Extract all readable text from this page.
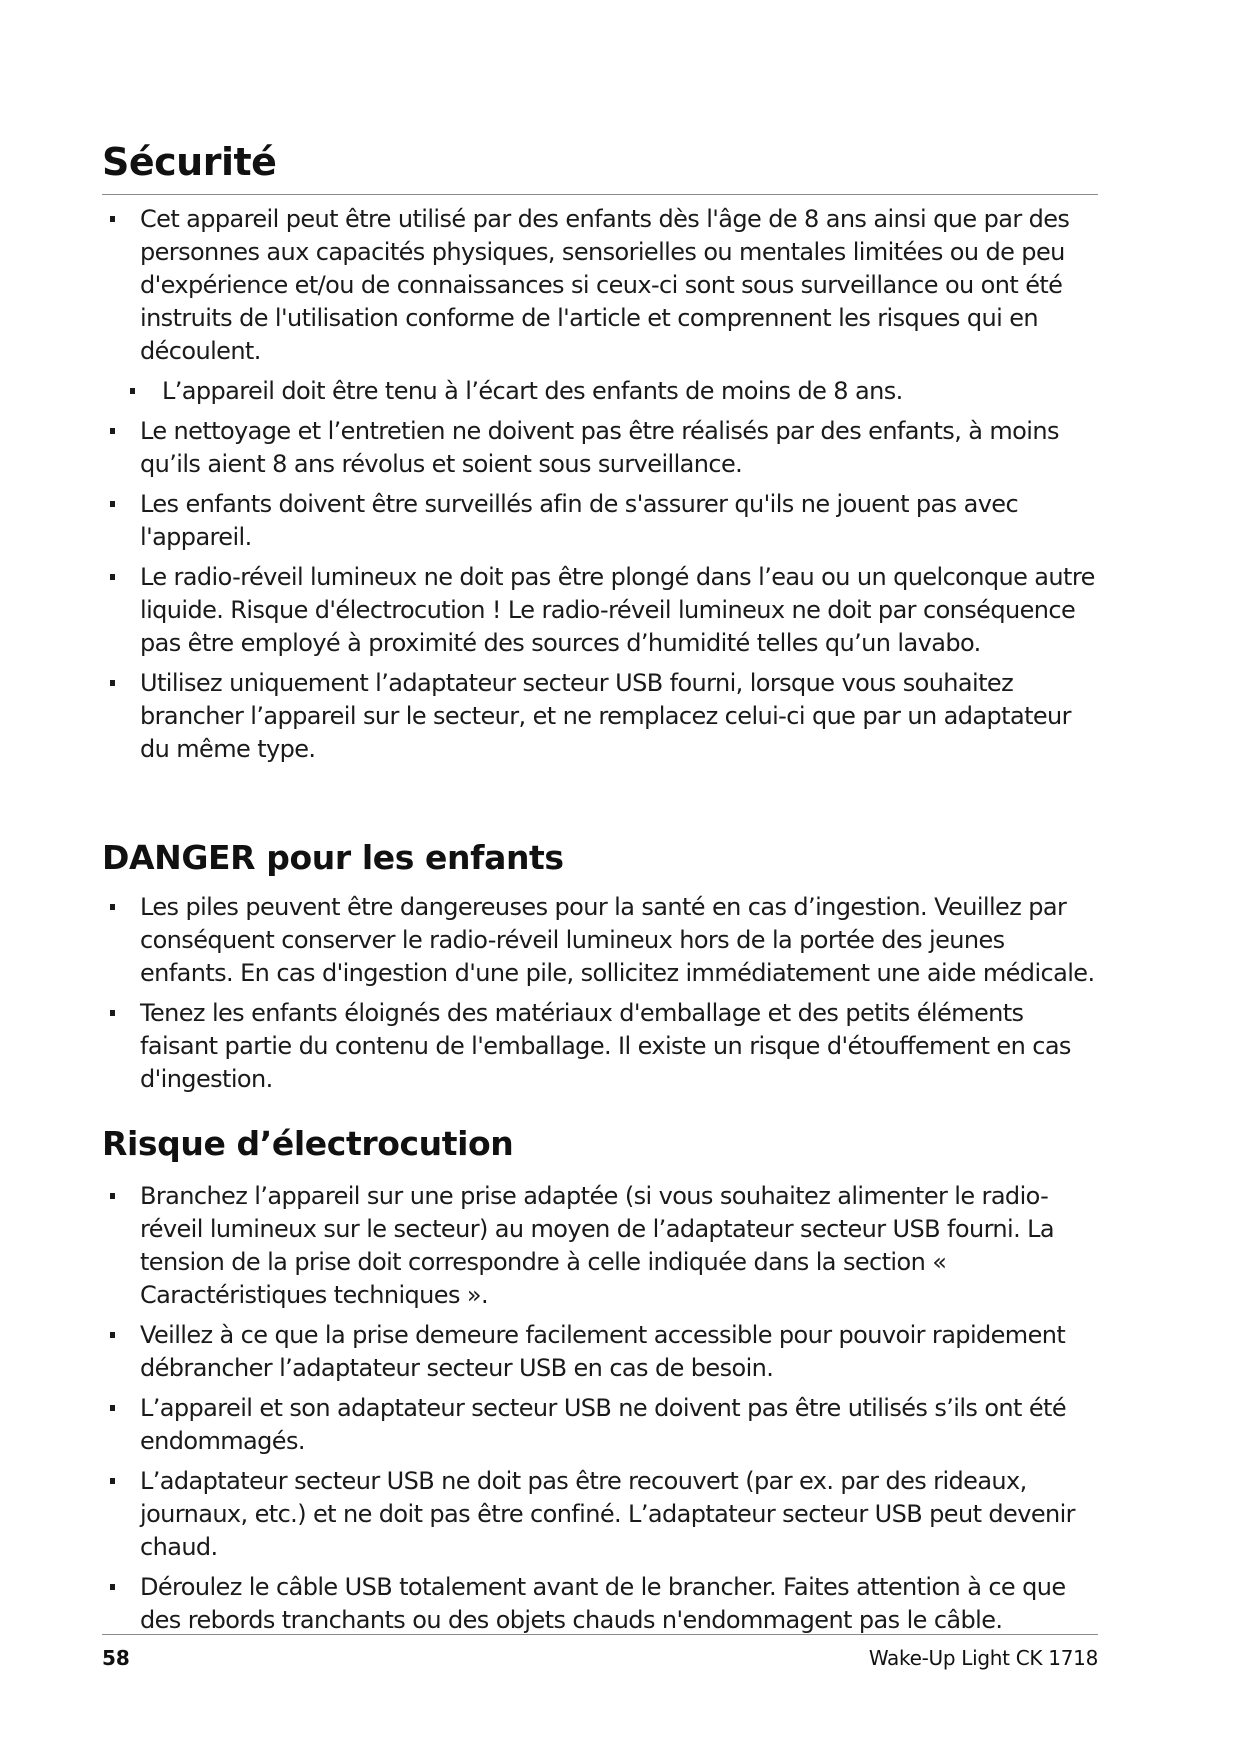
Sécurité
Cet appareil peut être utilisé par des enfants dès l'âge de 8 ans ainsi que par des personnes aux capacités physiques, sensorielles ou mentales limitées ou de peu d'expérience et/ou de connaissances si ceux-ci sont sous surveillance ou ont été instruits de l'utilisation conforme de l'article et comprennent les risques qui en découlent.
L’appareil doit être tenu à l’écart des enfants de moins de 8 ans.
Le nettoyage et l’entretien ne doivent pas être réalisés par des enfants, à moins qu’ils aient 8 ans révolus et soient sous surveillance.
Les enfants doivent être surveillés afin de s'assurer qu'ils ne jouent pas avec l'appareil.
Le radio-réveil lumineux ne doit pas être plongé dans l’eau ou un quelconque autre liquide. Risque d'électrocution ! Le radio-réveil lumineux ne doit par conséquence pas être employé à proximité des sources d’humidité telles qu’un lavabo.
Utilisez uniquement l’adaptateur secteur USB fourni, lorsque vous souhaitez brancher l’appareil sur le secteur, et ne remplacez celui-ci que par un adaptateur du même type.
DANGER pour les enfants
Les piles peuvent être dangereuses pour la santé en cas d’ingestion. Veuillez par conséquent conserver le radio-réveil lumineux hors de la portée des jeunes enfants. En cas d'ingestion d'une pile, sollicitez immédiatement une aide médicale.
Tenez les enfants éloignés des matériaux d'emballage et des petits éléments faisant partie du contenu de l'emballage. Il existe un risque d'étouffement en cas d'ingestion.
Risque d’électrocution
Branchez l’appareil sur une prise adaptée (si vous souhaitez alimenter le radio-réveil lumineux sur le secteur) au moyen de l’adaptateur secteur USB fourni. La tension de la prise doit correspondre à celle indiquée dans la section « Caractéristiques techniques ».
Veillez à ce que la prise demeure facilement accessible pour pouvoir rapidement débrancher l’adaptateur secteur USB en cas de besoin.
L’appareil et son adaptateur secteur USB ne doivent pas être utilisés s’ils ont été endommagés.
L’adaptateur secteur USB ne doit pas être recouvert (par ex. par des rideaux, journaux, etc.) et ne doit pas être confiné. L’adaptateur secteur USB peut devenir chaud.
Déroulez le câble USB totalement avant de le brancher. Faites attention à ce que des rebords tranchants ou des objets chauds n'endommagent pas le câble.
58	Wake-Up Light CK 1718
